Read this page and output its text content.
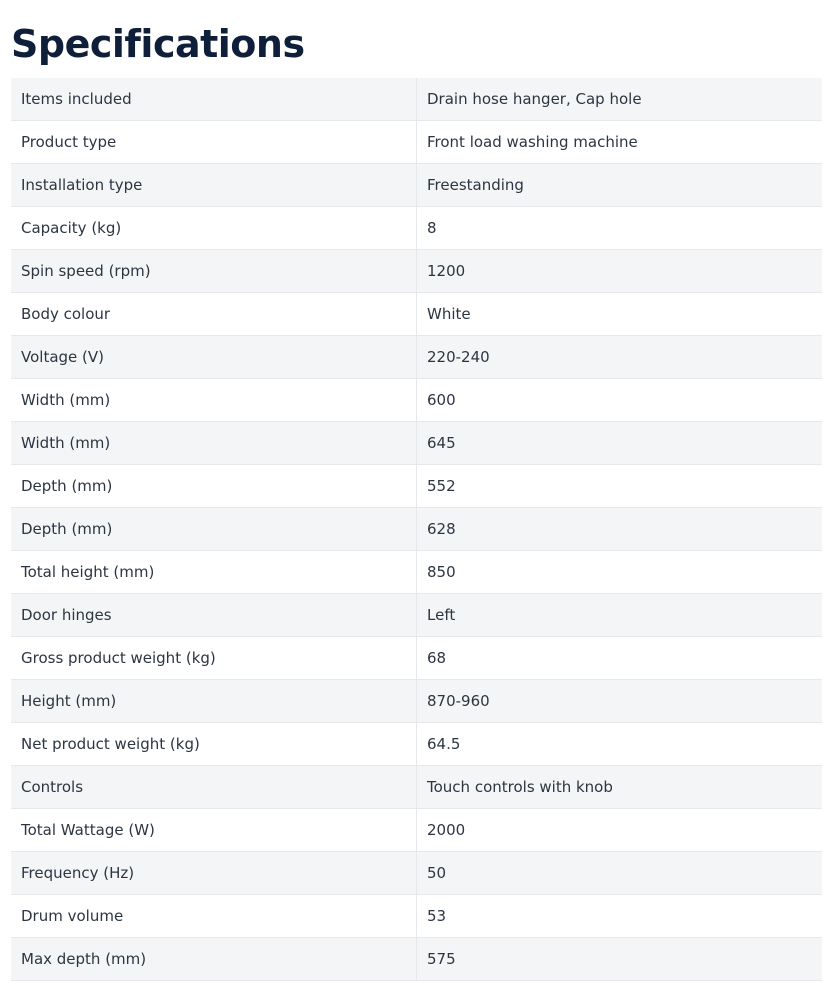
Specifications
Items included	Drain hose hanger, Cap hole
Product type	Front load washing machine
Installation type	Freestanding
Capacity (kg)	8
Spin speed (rpm)	1200
Body colour	White
Voltage (V)	220-240
Width (mm)	600
Width (mm)	645
Depth (mm)	552
Depth (mm)	628
Total height (mm)	850
Door hinges	Left
Gross product weight (kg)	68
Height (mm)	870-960
Net product weight (kg)	64.5
Controls	Touch controls with knob
Total Wattage (W)	2000
Frequency (Hz)	50
Drum volume	53
Max depth (mm)	575
